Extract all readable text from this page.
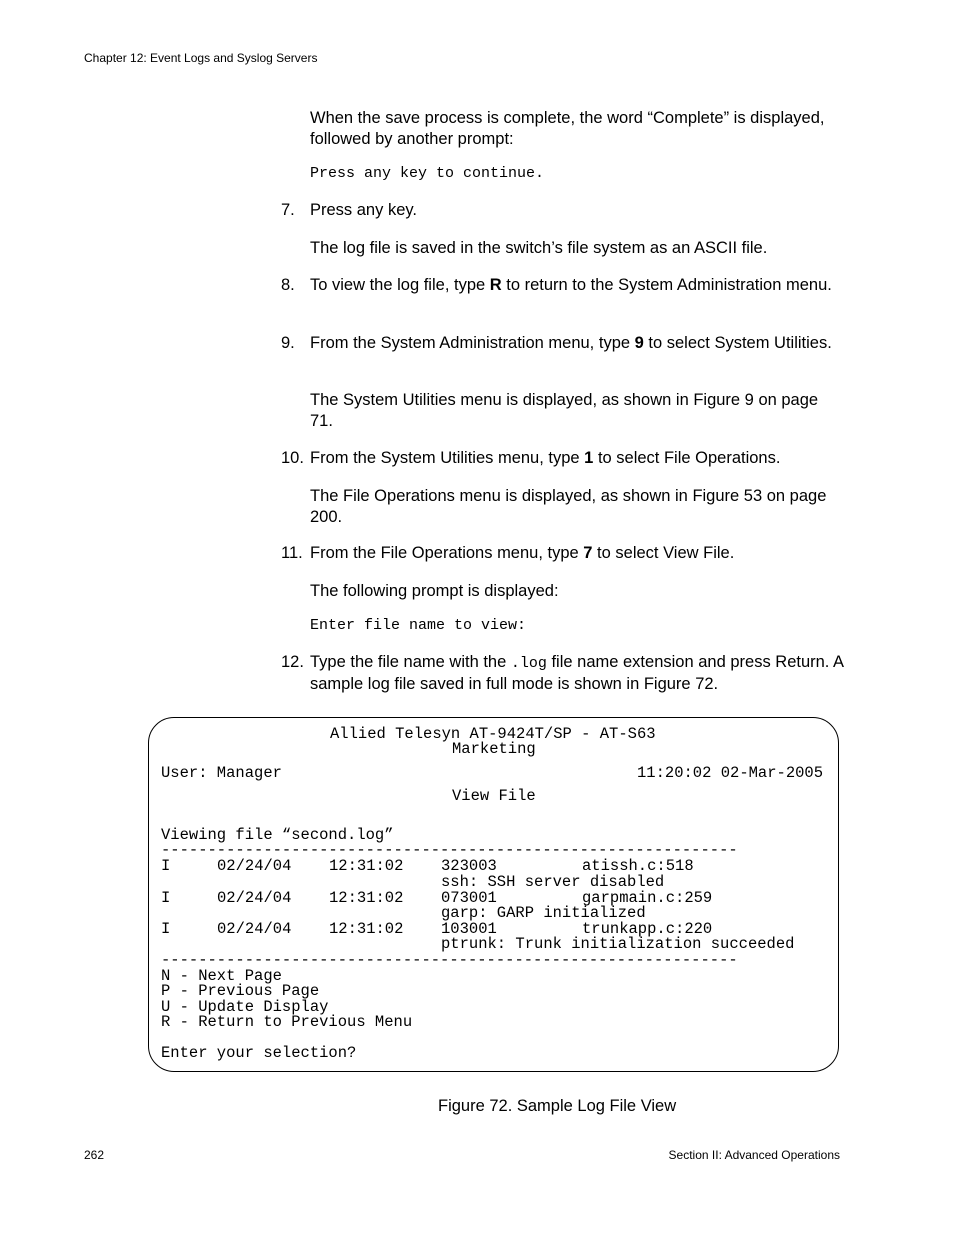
Chapter 12: Event Logs and Syslog Servers
When the save process is complete, the word “Complete” is displayed, followed by another prompt:
Press any key to continue.
7. Press any key.
The log file is saved in the switch’s file system as an ASCII file.
8. To view the log file, type R to return to the System Administration menu.
9. From the System Administration menu, type 9 to select System Utilities.
The System Utilities menu is displayed, as shown in Figure 9 on page 71.
10. From the System Utilities menu, type 1 to select File Operations.
The File Operations menu is displayed, as shown in Figure 53 on page 200.
11. From the File Operations menu, type 7 to select View File.
The following prompt is displayed:
Enter file name to view:
12. Type the file name with the .log file name extension and press Return. A sample log file saved in full mode is shown in Figure 72.
Allied Telesyn AT-9424T/SP - AT-S63
Marketing
User: Manager	11:20:02 02-Mar-2005
View File
Viewing file “second.log”
--------------------------------------------------------------
I	02/24/04 12:31:02 323003	atissh.c:518
ssh: SSH server disabled
I	02/24/04 12:31:02 073001	garpmain.c:259
garp: GARP initialized
I	02/24/04 12:31:02 103001	trunkapp.c:220
ptrunk: Trunk initialization succeeded
--------------------------------------------------------------
N - Next Page
P - Previous Page
U - Update Display
R - Return to Previous Menu
Enter your selection?
Figure 72. Sample Log File View
262	Section II: Advanced Operations
